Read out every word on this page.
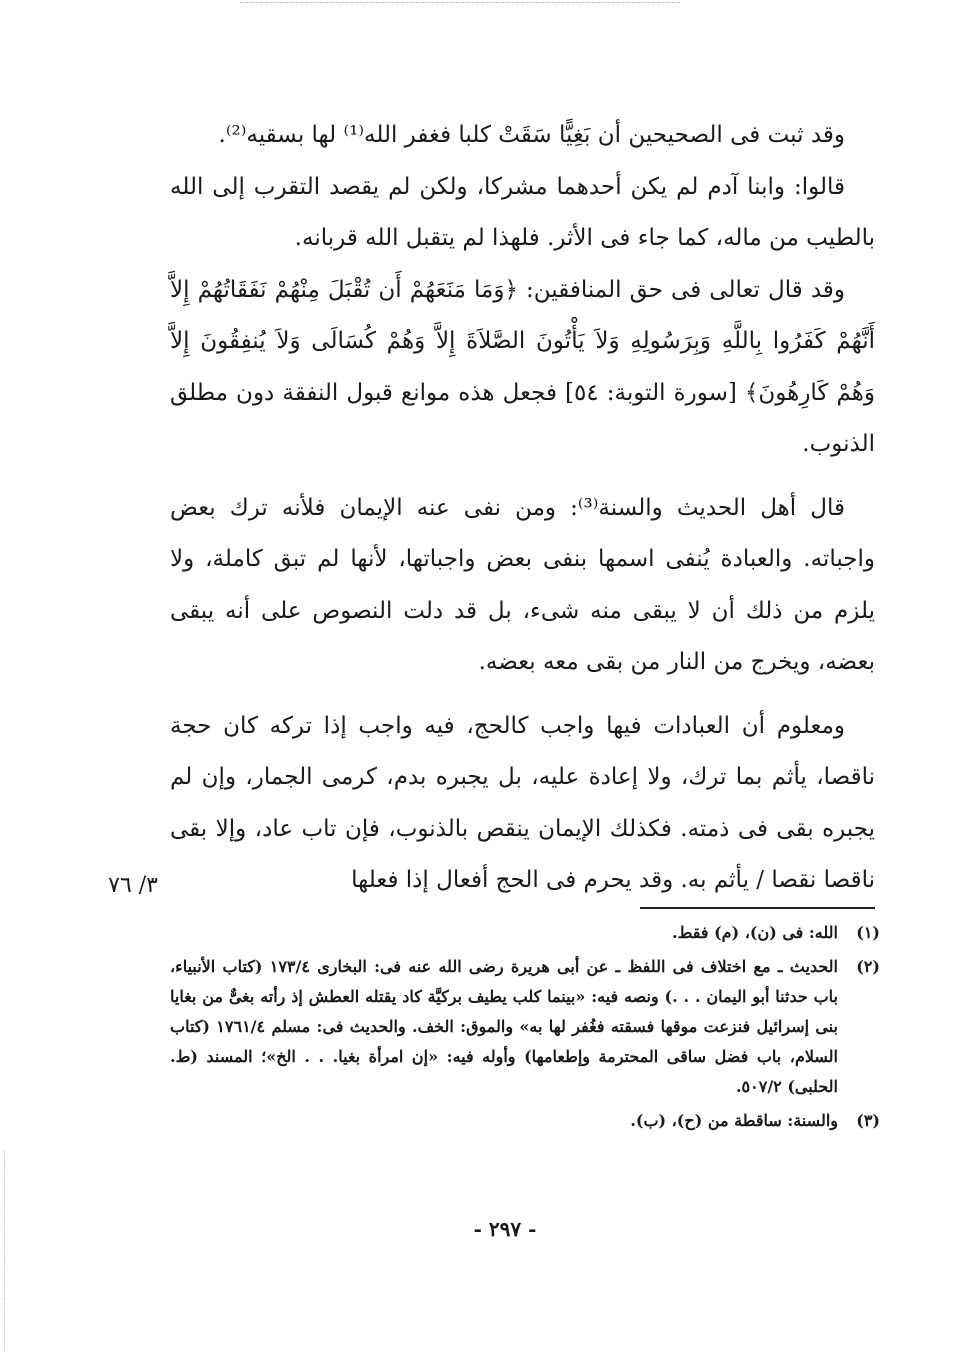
وقد ثبت فى الصحيحين أن بَغِيًّا سَقَتْ كلبا فغفر الله⁽¹⁾ لها بسقيه⁽²⁾.

قالوا: وابنا آدم لم يكن أحدهما مشركا، ولكن لم يقصد التقرب إلى الله بالطيب من ماله، كما جاء فى الأثر. فلهذا لم يتقبل الله قربانه.

وقد قال تعالى فى حق المنافقين: ﴿وَمَا مَنَعَهُمْ أَن تُقْبَلَ مِنْهُمْ نَفَقَاتُهُمْ إِلاَّ أَنَّهُمْ كَفَرُوا بِاللَّهِ وَبِرَسُولِهِ وَلاَ يَأْتُونَ الصَّلاَةَ إِلاَّ وَهُمْ كُسَالَى وَلاَ يُنفِقُونَ إِلاَّ وَهُمْ كَارِهُونَ﴾ [سورة التوبة: ٥٤] فجعل هذه موانع قبول النفقة دون مطلق الذنوب.

قال أهل الحديث والسنة⁽³⁾: ومن نفى عنه الإيمان فلأنه ترك بعض واجباته. والعبادة يُنفى اسمها بنفى بعض واجباتها، لأنها لم تبق كاملة، ولا يلزم من ذلك أن لا يبقى منه شىء، بل قد دلت النصوص على أنه يبقى بعضه، ويخرج من النار من بقى معه بعضه.

ومعلوم أن العبادات فيها واجب كالحج، فيه واجب إذا تركه كان حجة ناقصا، يأثم بما ترك، ولا إعادة عليه، بل يجبره بدم، كرمى الجمار، وإن لم يجبره بقى فى ذمته. فكذلك الإيمان ينقص بالذنوب، فإن تاب عاد، وإلا بقى ناقصا نقصا / يأثم به. وقد يحرم فى الحج أفعال إذا فعلها

٣/ ٧٦
(١)
الله: فى (ن)، (م) فقط.
(٢)
الحديث ـ مع اختلاف فى اللفظ ـ عن أبى هريرة رضى الله عنه فى: البخارى ١٧٣/٤ (كتاب الأنبياء، باب حدثنا أبو اليمان . . .) ونصه فيه: «بينما كلب يطيف بركيَّة كاد يقتله العطش إذ رأته بغىٌّ من بغايا بنى إسرائيل فنزعت موقها فسقته فغُفر لها به» والموق: الخف. والحديث فى: مسلم ١٧٦١/٤ (كتاب السلام، باب فضل ساقى المحترمة وإطعامها) وأوله فيه: «إن امرأة بغيا. . . الخ»؛ المسند (ط. الحلبى) ٥٠٧/٢.
(٣)
والسنة: ساقطة من (ح)، (ب).
- ٢٩٧ -
